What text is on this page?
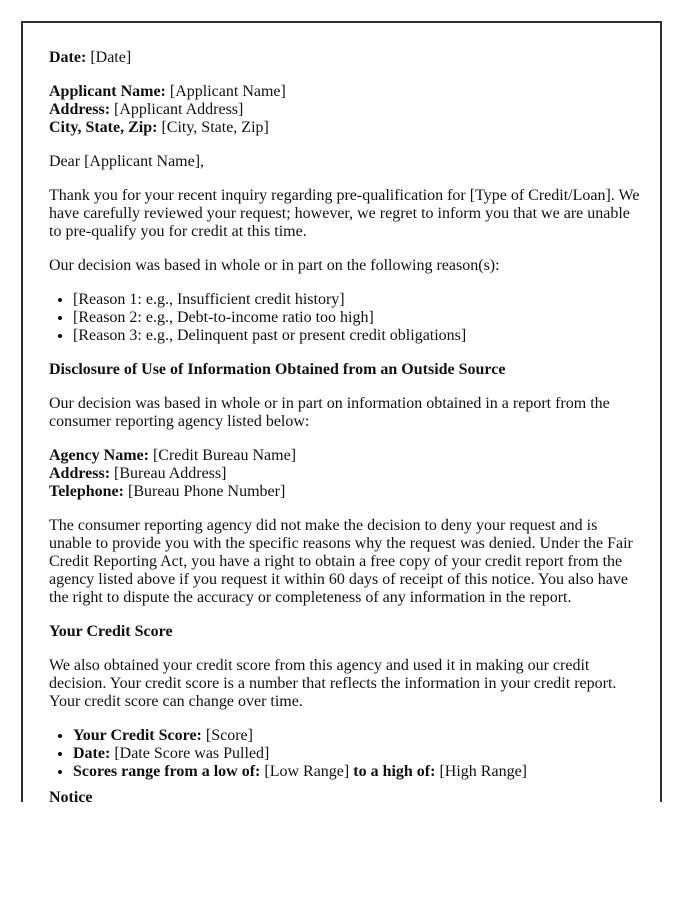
Date: [Date]

Applicant Name: [Applicant Name]
Address: [Applicant Address]
City, State, Zip: [City, State, Zip]

Dear [Applicant Name],

Thank you for your recent inquiry regarding pre-qualification for [Type of Credit/Loan]. We have carefully reviewed your request; however, we regret to inform you that we are unable to pre-qualify you for credit at this time.

Our decision was based in whole or in part on the following reason(s):

• [Reason 1: e.g., Insufficient credit history]
• [Reason 2: e.g., Debt-to-income ratio too high]
• [Reason 3: e.g., Delinquent past or present credit obligations]

Disclosure of Use of Information Obtained from an Outside Source

Our decision was based in whole or in part on information obtained in a report from the consumer reporting agency listed below:

Agency Name: [Credit Bureau Name]
Address: [Bureau Address]
Telephone: [Bureau Phone Number]

The consumer reporting agency did not make the decision to deny your request and is unable to provide you with the specific reasons why the request was denied. Under the Fair Credit Reporting Act, you have a right to obtain a free copy of your credit report from the agency listed above if you request it within 60 days of receipt of this notice. You also have the right to dispute the accuracy or completeness of any information in the report.

Your Credit Score

We also obtained your credit score from this agency and used it in making our credit decision. Your credit score is a number that reflects the information in your credit report. Your credit score can change over time.

• Your Credit Score: [Score]
• Date: [Date Score was Pulled]
• Scores range from a low of: [Low Range] to a high of: [High Range]

Notice
